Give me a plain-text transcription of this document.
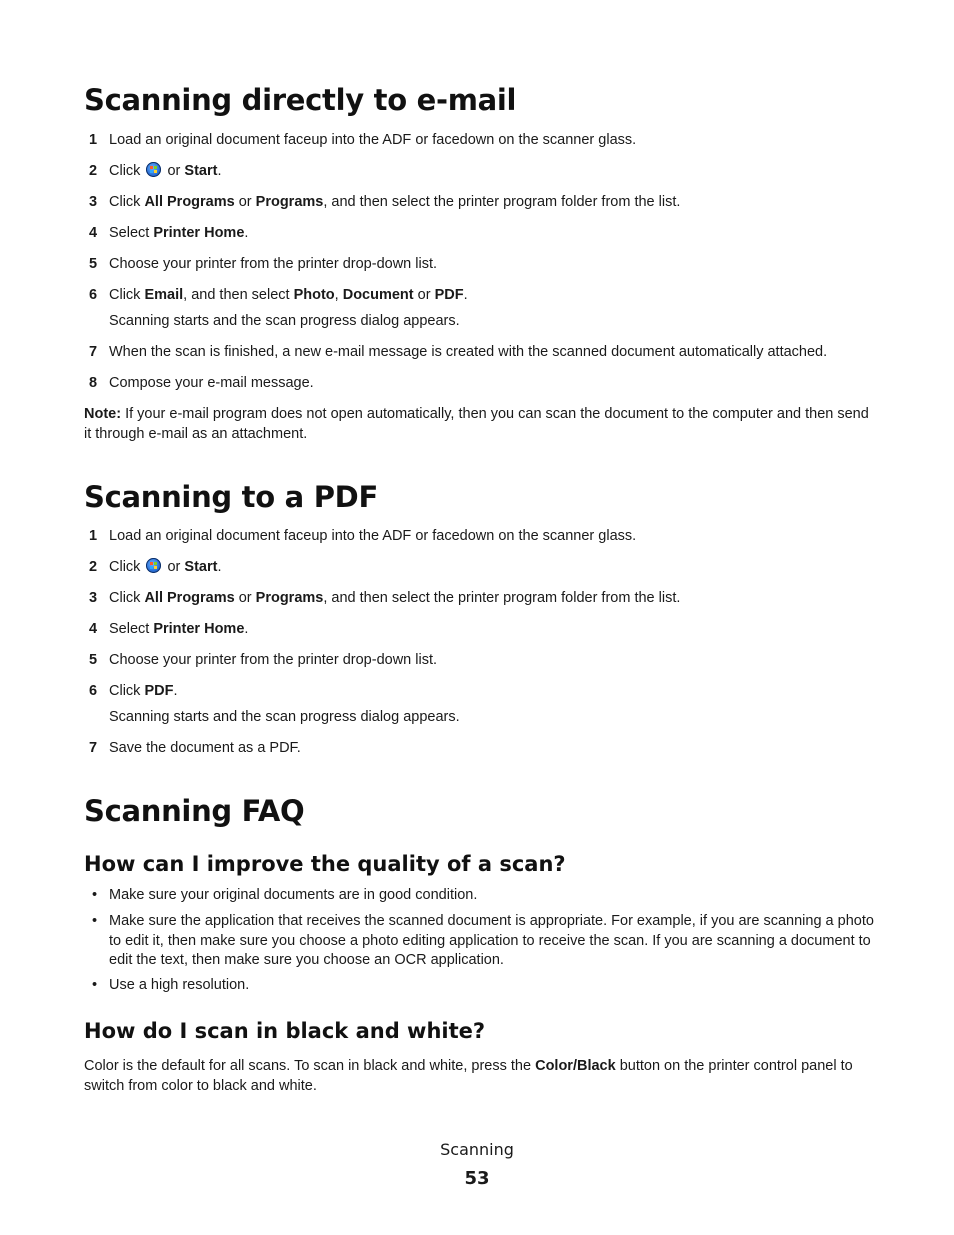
Scanning directly to e-mail
1 Load an original document faceup into the ADF or facedown on the scanner glass.
2 Click  or Start.
3 Click All Programs or Programs, and then select the printer program folder from the list.
4 Select Printer Home.
5 Choose your printer from the printer drop-down list.
6 Click Email, and then select Photo, Document or PDF.
Scanning starts and the scan progress dialog appears.
7 When the scan is finished, a new e-mail message is created with the scanned document automatically attached.
8 Compose your e-mail message.
Note: If your e-mail program does not open automatically, then you can scan the document to the computer and then send it through e-mail as an attachment.
Scanning to a PDF
1 Load an original document faceup into the ADF or facedown on the scanner glass.
2 Click  or Start.
3 Click All Programs or Programs, and then select the printer program folder from the list.
4 Select Printer Home.
5 Choose your printer from the printer drop-down list.
6 Click PDF.
Scanning starts and the scan progress dialog appears.
7 Save the document as a PDF.
Scanning FAQ
How can I improve the quality of a scan?
• Make sure your original documents are in good condition.
• Make sure the application that receives the scanned document is appropriate. For example, if you are scanning a photo to edit it, then make sure you choose a photo editing application to receive the scan. If you are scanning a document to edit the text, then make sure you choose an OCR application.
• Use a high resolution.
How do I scan in black and white?
Color is the default for all scans. To scan in black and white, press the Color/Black button on the printer control panel to switch from color to black and white.
Scanning
53
